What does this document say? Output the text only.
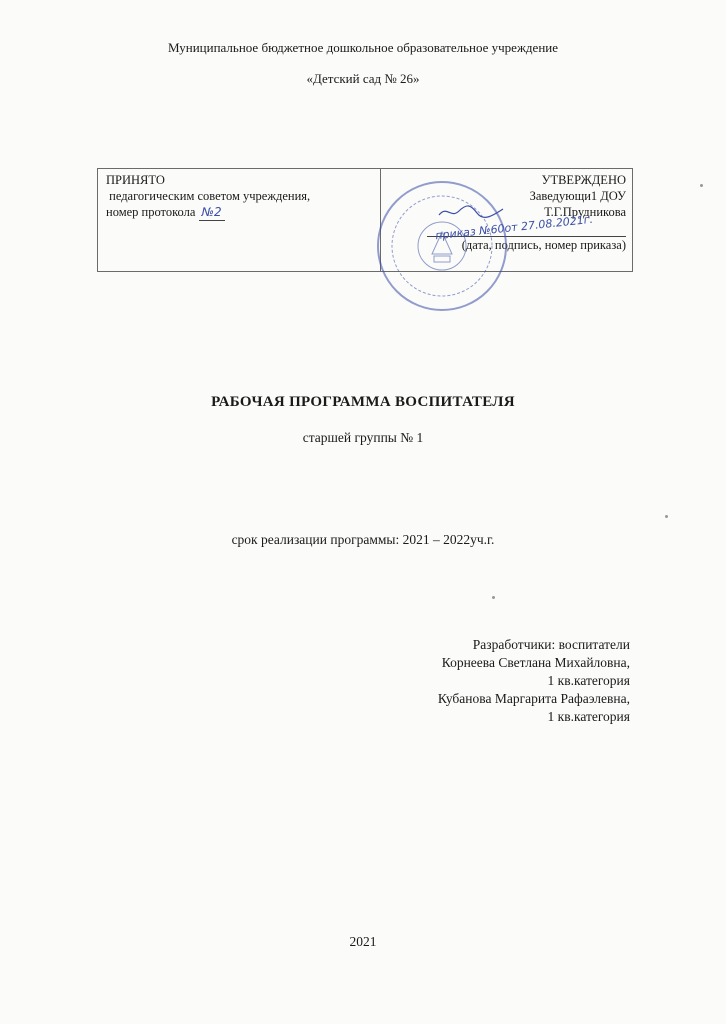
Муниципальное бюджетное дошкольное образовательное учреждение
«Детский сад № 26»
ПРИНЯТО
педагогическим советом учреждения,
номер протокола №2
УТВЕРЖДЕНО
Заведующи1 ДОУ
Т.Г.Прудникова
приказ №60от 27.08.2021г.
(дата, подпись, номер приказа)
РАБОЧАЯ ПРОГРАММА ВОСПИТАТЕЛЯ
старшей группы № 1
срок реализации программы: 2021 – 2022уч.г.
Разработчики: воспитатели
Корнеева Светлана Михайловна,
1 кв.категория
Кубанова Маргарита Рафаэлевна,
1 кв.категория
2021
